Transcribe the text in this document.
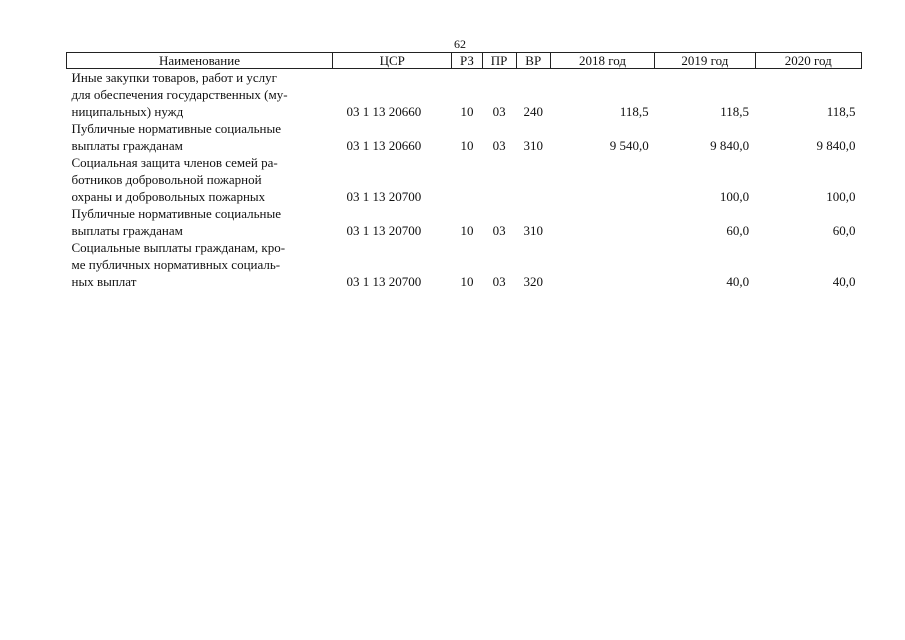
62
Наименование	ЦСР	РЗ	ПР	ВР	2018 год	2019 год	2020 год

Иные закупки товаров, работ и услуг
для обеспечения государственных (му-
ниципальных) нужд	03 1 13 20660	10	03	240	118,5	118,5	118,5

Публичные нормативные социальные
выплаты гражданам	03 1 13 20660	10	03	310	9 540,0	9 840,0	9 840,0

Социальная защита членов семей ра-
ботников добровольной пожарной
охраны и добровольных пожарных	03 1 13 20700					100,0	100,0

Публичные нормативные социальные
выплаты гражданам	03 1 13 20700	10	03	310		60,0	60,0

Социальные выплаты гражданам, кро-
ме публичных нормативных социаль-
ных выплат	03 1 13 20700	10	03	320		40,0	40,0
